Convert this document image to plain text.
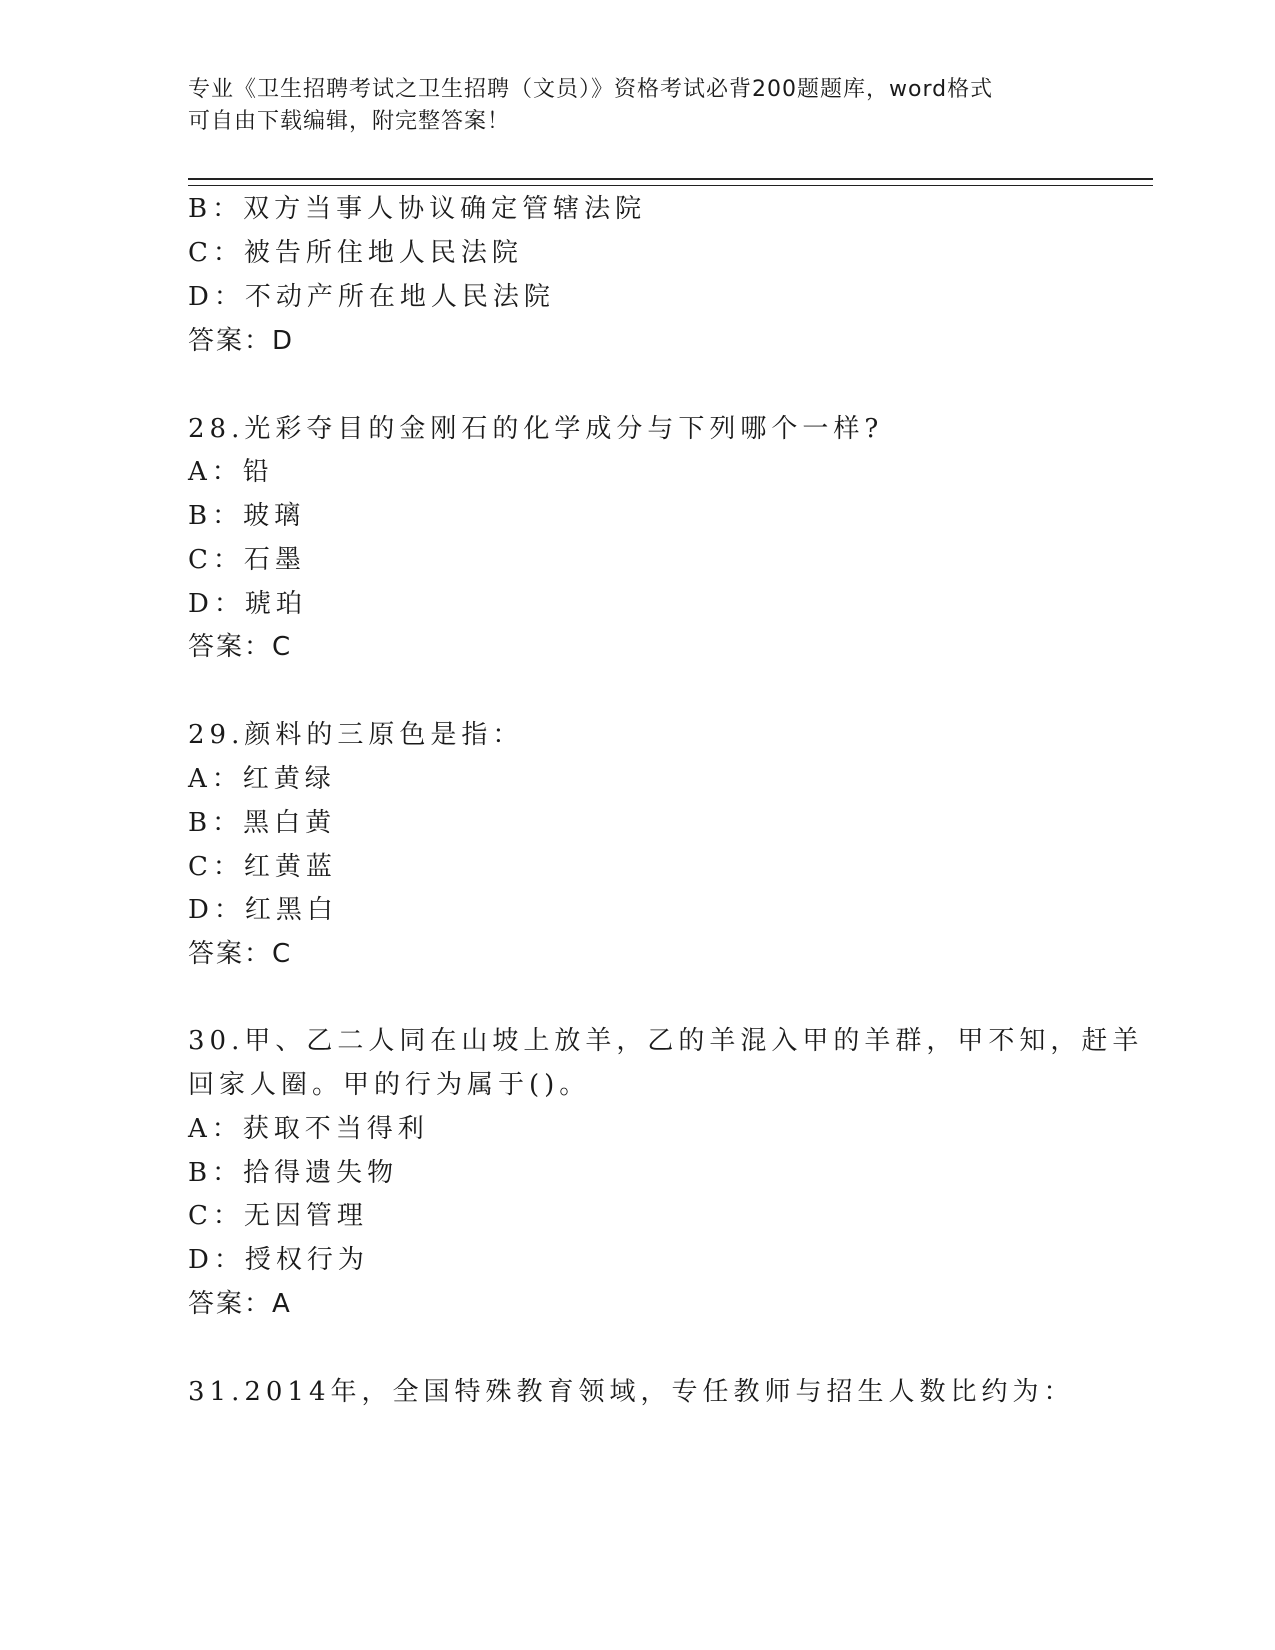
专业《卫生招聘考试之卫生招聘（文员）》资格考试必背200题题库，word格式
可自由下载编辑，附完整答案！
B：双方当事人协议确定管辖法院
C：被告所住地人民法院
D：不动产所在地人民法院
答案：D
28.光彩夺目的金刚石的化学成分与下列哪个一样?
A：铅
B：玻璃
C：石墨
D：琥珀
答案：C
29.颜料的三原色是指：
A：红黄绿
B：黑白黄
C：红黄蓝
D：红黑白
答案：C
30.甲、乙二人同在山坡上放羊，乙的羊混入甲的羊群，甲不知，赶羊
回家人圈。甲的行为属于()。
A：获取不当得利
B：拾得遗失物
C：无因管理
D：授权行为
答案：A
31.2014年，全国特殊教育领域，专任教师与招生人数比约为：
